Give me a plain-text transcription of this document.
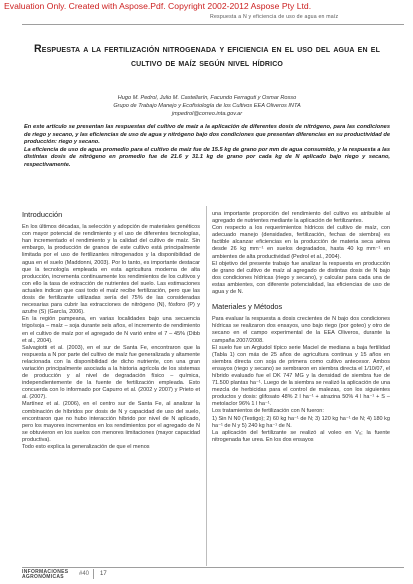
Evaluation Only. Created with Aspose.Pdf. Copyright 2002-2012 Aspose Pty Ltd.
Respuesta a N y eficiencia de uso de agua en maíz
Respuesta a la fertilización nitrogenada y eficiencia en el uso del agua en el cultivo de maíz según nivel hídrico
Hugo M. Pedrol, Julio M. Castellarín, Facundo Ferraguti y Osmar Rosso
Grupo de Trabajo Manejo y Ecofisiología de los Cultivos EEA Oliveros INTA
jmpedrol@correo.inta.gov.ar

En este artículo se presentan las respuestas del cultivo de maíz a la aplicación de diferentes dosis de nitrógeno, para las condiciones de riego y secano, y las eficiencias de uso de agua y nitrógeno bajo dos condiciones que presentan diferencias en su productividad de producción: riego y secano.

La eficiencia de uso de agua promedio para el cultivo de maíz fue de 15.5 kg de grano por mm de agua consumido, y la respuesta a las distintas dosis de nitrógeno en promedio fue de 21.6 y 31.1 kg de grano por cada kg de N aplicado bajo riego y secano, respectivamente.

Introducción

En los últimos décadas, la selección y adopción de materiales genéticos con mayor potencial de rendimiento y el uso de diferentes tecnologías, han incrementado el rendimiento y la calidad del cultivo de maíz. Sin embargo, la producción de granos de este cultivo está principalmente limitada por el uso de fertilizantes nitrogenados y la disponibilidad de agua en el suelo (Maddonni, 2003). Por lo tanto, es importante destacar que la tecnología empleada en esta agricultura moderna de alta producción, incrementa continuamente los rendimientos de los cultivos y con ello la tasa de extracción de nutrientes del suelo. Las estimaciones actuales indican que casi todo el maíz recibe fertilización, pero que las dosis de fertilizante utilizadas sería del 75% de las consideradas necesarias para cubrir las extracciones de nitrógeno (N), fósforo (P) y azufre (S) (García, 2006).

En la región pampeana, en varias localidades bajo una secuencia trigo/soja – maíz – soja durante seis años, el incremento de rendimiento en el cultivo de maíz por el agregado de N varió entre el 7 – 45% (Dibb et al., 2004).

Salvagiotti et al. (2003), en el sur de Santa Fe, encontraron que la respuesta a N por parte del cultivo de maíz fue generalizada y altamente relacionada con la disponibilidad de dicho nutriente, con una gran variación principalmente asociada a la historia agrícola de los sistemas de producción y al nivel de degradación físico – química, independientemente de la fuente de fertilización empleada. Esto concuerda con lo informado por Capurro et al. (2002 y 2007) y Prieto et al. (2007).

Martínez et al. (2006), en el centro sur de Santa Fe, al analizar la combinación de híbridos por dosis de N y capacidad de uso del suelo, encontraron que no hubo interacción híbrido por nivel de N aplicado, pero los mayores incrementos en los rendimientos por el agregado de N se obtuvieron en los suelos con menores limitaciones (mayor capacidad productiva).

Todo esto explica la generalización de que el menos

una importante proporción del rendimiento del cultivo es atribuible al agregado de nutrientes mediante la aplicación de fertilizantes.

Con respecto a los requerimientos hídricos del cultivo de maíz, con adecuado manejo (densidades, fertilización, fechas de siembra) es factible alcanzar eficiencias en la producción de materia seca aérea desde 26 kg mm⁻¹ en suelos degradados, hasta 40 kg mm⁻¹ en ambientes de alta productividad (Pedrol et al., 2004).

El objetivo del presente trabajo fue analizar la respuesta en producción de grano del cultivo de maíz al agregado de distintas dosis de N bajo dos condiciones hídricas (riego y secano), y calcular para cada una de estas ambientes, con diferente potencialidad, las eficiencias de uso de agua y de N.

Materiales y Métodos

Para evaluar la respuesta a dosis crecientes de N bajo dos condiciones hídricas se realizaron dos ensayos, uno bajo riego (por goteo) y otro de secano en el campo experimental de la EEA Oliveros, durante la campaña 2007/2008.

El suelo fue un Argiudol típico serie Maciel de mediana a baja fertilidad (Tabla 1) con más de 25 años de agricultura continua y 15 años en siembra directa con soja de primera como cultivo antecesor. Ambos ensayos (riego y secano) se sembraron en siembra directa el 1/10/07, el híbrido evaluado fue el DK 747 MG y la densidad de siembra fue de 71.500 plantas ha⁻¹. Luego de la siembra se realizó la aplicación de una mezcla de herbicidas para el control de malezas, con los siguientes productos y dosis: glifosato 48% 2 l ha⁻¹ + atrazina 50% 4 l ha⁻¹ + S – metolaclor 96% 1 l ha⁻¹.

Los tratamientos de fertilización con N fueron:

1) Sin N N0 (Testigo); 2) 60 kg ha⁻¹ de N; 3) 120 kg ha⁻¹ de N; 4) 180 kg ha⁻¹ de N y 5) 240 kg ha⁻¹ de N.

La aplicación del fertilizante se realizó al voleo en V₆; la fuente nitrogenada fue urea. En los dos ensayos

INFORMACIONES
AGRONÓMICAS
#40 17
